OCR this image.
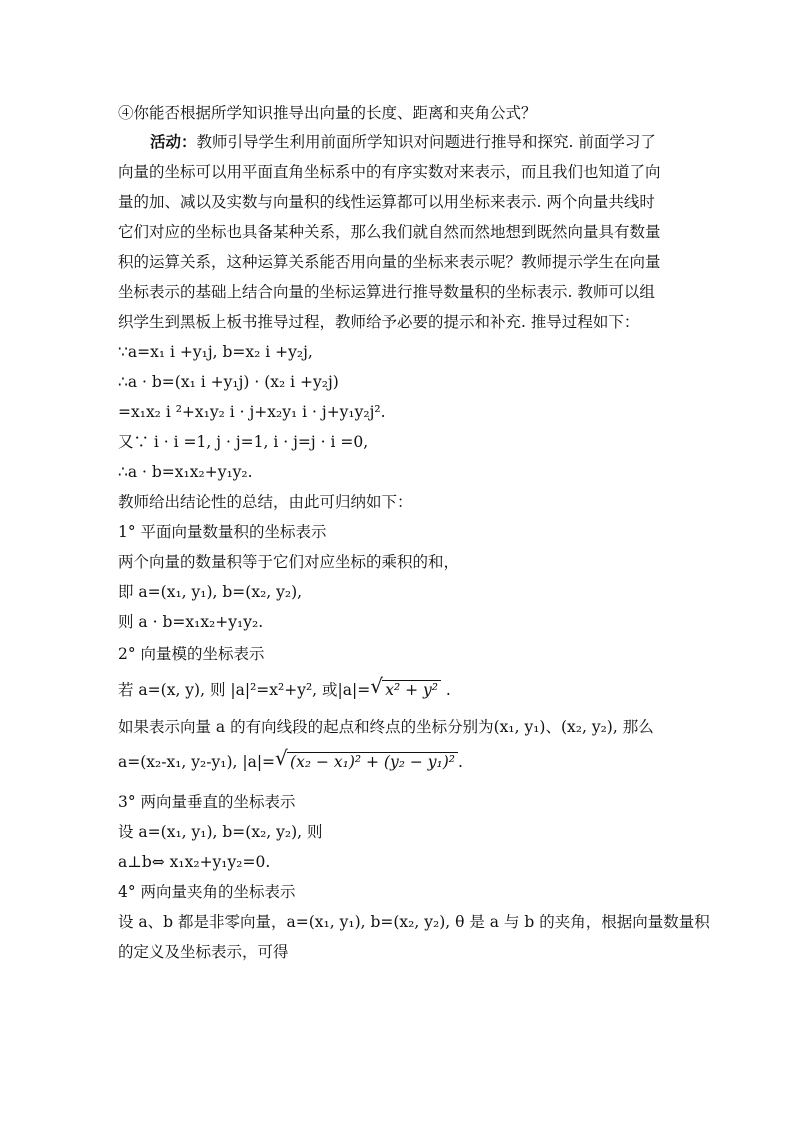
④你能否根据所学知识推导出向量的长度、距离和夹角公式？
活动：教师引导学生利用前面所学知识对问题进行推导和探究. 前面学习了
向量的坐标可以用平面直角坐标系中的有序实数对来表示，而且我们也知道了向
量的加、减以及实数与向量积的线性运算都可以用坐标来表示. 两个向量共线时
它们对应的坐标也具备某种关系，那么我们就自然而然地想到既然向量具有数量
积的运算关系，这种运算关系能否用向量的坐标来表示呢？教师提示学生在向量
坐标表示的基础上结合向量的坐标运算进行推导数量积的坐标表示. 教师可以组
织学生到黑板上板书推导过程，教师给予必要的提示和补充. 推导过程如下：
∵a=x₁ i +y₁j, b=x₂ i +y₂j,
∴a · b=(x₁ i +y₁j) · (x₂ i +y₂j)
=x₁x₂ i ²+x₁y₂ i · j+x₂y₁ i · j+y₁y₂j².
又∵ i · i =1, j · j=1, i · j=j · i =0,
∴a · b=x₁x₂+y₁y₂.
教师给出结论性的总结，由此可归纳如下：
1° 平面向量数量积的坐标表示
两个向量的数量积等于它们对应坐标的乘积的和，
即 a=(x₁, y₁), b=(x₂, y₂),
则 a · b=x₁x₂+y₁y₂.
2° 向量模的坐标表示
若 a=(x, y), 则 |a|²=x²+y², 或|a|= √ x² + y² .
如果表示向量 a 的有向线段的起点和终点的坐标分别为(x₁, y₁)、(x₂, y₂), 那么
a=(x₂-x₁, y₂-y₁), |a|= √ (x₂ − x₁)² + (y₂ − y₁)² .
3° 两向量垂直的坐标表示
设 a=(x₁, y₁), b=(x₂, y₂), 则
a⊥b⇔ x₁x₂+y₁y₂=0.
4° 两向量夹角的坐标表示
设 a、b 都是非零向量，a=(x₁, y₁), b=(x₂, y₂), θ 是 a 与 b 的夹角，根据向量数量积
的定义及坐标表示，可得
